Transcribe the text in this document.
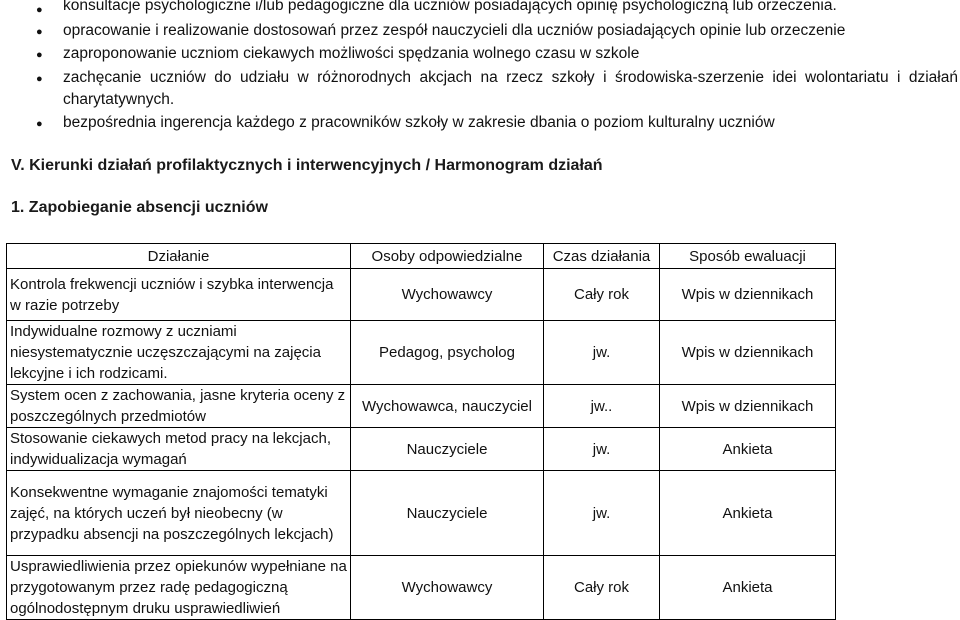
● konsultacje psychologiczne i/lub pedagogiczne dla uczniów posiadających opinię psychologiczną lub orzeczenia.
● opracowanie i realizowanie dostosowań przez zespół nauczycieli dla uczniów posiadających opinie lub orzeczenie
● zaproponowanie uczniom ciekawych możliwości spędzania wolnego czasu w szkole
● zachęcanie uczniów do udziału w różnorodnych akcjach na rzecz szkoły i środowiska-szerzenie idei wolontariatu i działań
charytatywnych.
● bezpośrednia ingerencja każdego z pracowników szkoły w zakresie dbania o poziom kulturalny uczniów
V. Kierunki działań profilaktycznych i interwencyjnych / Harmonogram działań
1. Zapobieganie absencji uczniów
Działanie	Osoby odpowiedzialne	Czas działania	Sposób ewaluacji
Kontrola frekwencji uczniów i szybka interwencja w razie potrzeby	Wychowawcy	Cały rok	Wpis w dziennikach
Indywidualne rozmowy z uczniami niesystematycznie uczęszczającymi na zajęcia lekcyjne i ich rodzicami.	Pedagog, psycholog	jw.	Wpis w dziennikach
System ocen z zachowania, jasne kryteria oceny z poszczególnych przedmiotów	Wychowawca, nauczyciel	jw..	Wpis w dziennikach
Stosowanie ciekawych metod pracy na lekcjach, indywidualizacja wymagań	Nauczyciele	jw.	Ankieta
Konsekwentne wymaganie znajomości tematyki zajęć, na których uczeń był nieobecny (w przypadku absencji na poszczególnych lekcjach)	Nauczyciele	jw.	Ankieta
Usprawiedliwienia przez opiekunów wypełniane na przygotowanym przez radę pedagogiczną ogólnodostępnym druku usprawiedliwień	Wychowawcy	Cały rok	Ankieta
